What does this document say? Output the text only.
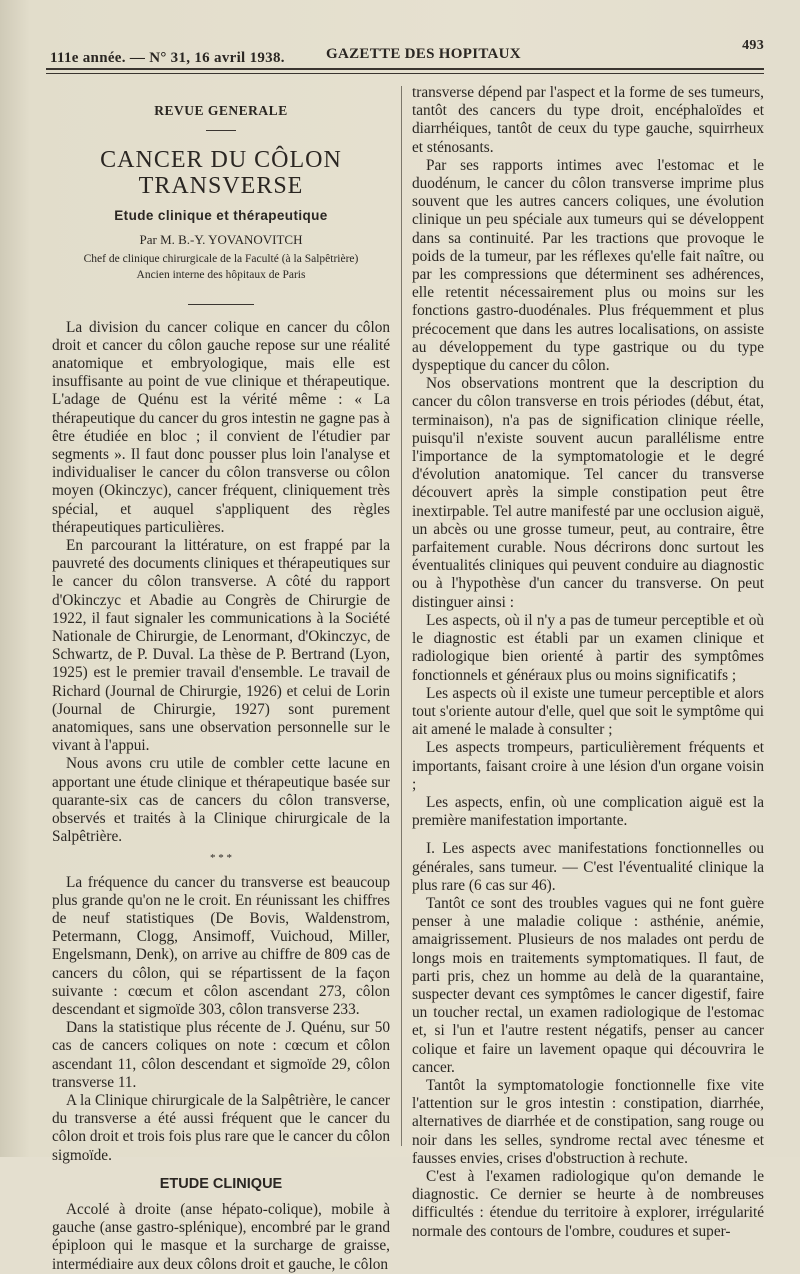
111e année. — N° 31, 16 avril 1938.	GAZETTE DES HOPITAUX
493
REVUE GENERALE
CANCER DU CÔLON TRANSVERSE
Etude clinique et thérapeutique
Par M. B.-Y. YOVANOVITCH
Chef de clinique chirurgicale de la Faculté (à la Salpêtrière)
Ancien interne des hôpitaux de Paris

La division du cancer colique en cancer du côlon droit et cancer du côlon gauche repose sur une réalité anatomique et embryologique, mais elle est insuffisante au point de vue clinique et thérapeutique. L'adage de Quénu est la vérité même : « La thérapeutique du cancer du gros intestin ne gagne pas à être étudiée en bloc ; il convient de l'étudier par segments ». Il faut donc pousser plus loin l'analyse et individualiser le cancer du côlon transverse ou côlon moyen (Okinczyc), cancer fréquent, cliniquement très spécial, et auquel s'appliquent des règles thérapeutiques particulières.

En parcourant la littérature, on est frappé par la pauvreté des documents cliniques et thérapeutiques sur le cancer du côlon transverse. A côté du rapport d'Okinczyc et Abadie au Congrès de Chirurgie de 1922, il faut signaler les communications à la Société Nationale de Chirurgie, de Lenormant, d'Okinczyc, de Schwartz, de P. Duval. La thèse de P. Bertrand (Lyon, 1925) est le premier travail d'ensemble. Le travail de Richard (Journal de Chirurgie, 1926) et celui de Lorin (Journal de Chirurgie, 1927) sont purement anatomiques, sans une observation personnelle sur le vivant à l'appui.

Nous avons cru utile de combler cette lacune en apportant une étude clinique et thérapeutique basée sur quarante-six cas de cancers du côlon transverse, observés et traités à la Clinique chirurgicale de la Salpêtrière.

* * *

La fréquence du cancer du transverse est beaucoup plus grande qu'on ne le croit. En réunissant les chiffres de neuf statistiques (De Bovis, Waldenstrom, Petermann, Clogg, Ansimoff, Vuichoud, Miller, Engelsmann, Denk), on arrive au chiffre de 809 cas de cancers du côlon, qui se répartissent de la façon suivante : cœcum et côlon ascendant 273, côlon descendant et sigmoïde 303, côlon transverse 233.

Dans la statistique plus récente de J. Quénu, sur 50 cas de cancers coliques on note : cœcum et côlon ascendant 11, côlon descendant et sigmoïde 29, côlon transverse 11.

A la Clinique chirurgicale de la Salpêtrière, le cancer du transverse a été aussi fréquent que le cancer du côlon droit et trois fois plus rare que le cancer du côlon sigmoïde.

ETUDE CLINIQUE

Accolé à droite (anse hépato-colique), mobile à gauche (anse gastro-splénique), encombré par le grand épiploon qui le masque et la surcharge de graisse, intermédiaire aux deux côlons droit et gauche, le côlon

transverse dépend par l'aspect et la forme de ses tumeurs, tantôt des cancers du type droit, encéphaloïdes et diarrhéiques, tantôt de ceux du type gauche, squirrheux et sténosants.

Par ses rapports intimes avec l'estomac et le duodénum, le cancer du côlon transverse imprime plus souvent que les autres cancers coliques, une évolution clinique un peu spéciale aux tumeurs qui se développent dans sa continuité. Par les tractions que provoque le poids de la tumeur, par les réflexes qu'elle fait naître, ou par les compressions que déterminent ses adhérences, elle retentit nécessairement plus ou moins sur les fonctions gastro-duodénales. Plus fréquemment et plus précocement que dans les autres localisations, on assiste au développement du type gastrique ou du type dyspeptique du cancer du côlon.

Nos observations montrent que la description du cancer du côlon transverse en trois périodes (début, état, terminaison), n'a pas de signification clinique réelle, puisqu'il n'existe souvent aucun parallélisme entre l'importance de la symptomatologie et le degré d'évolution anatomique. Tel cancer du transverse découvert après la simple constipation peut être inextirpable. Tel autre manifesté par une occlusion aiguë, un abcès ou une grosse tumeur, peut, au contraire, être parfaitement curable. Nous décrirons donc surtout les éventualités cliniques qui peuvent conduire au diagnostic ou à l'hypothèse d'un cancer du transverse. On peut distinguer ainsi :

Les aspects, où il n'y a pas de tumeur perceptible et où le diagnostic est établi par un examen clinique et radiologique bien orienté à partir des symptômes fonctionnels et généraux plus ou moins significatifs ;

Les aspects où il existe une tumeur perceptible et alors tout s'oriente autour d'elle, quel que soit le symptôme qui ait amené le malade à consulter ;

Les aspects trompeurs, particulièrement fréquents et importants, faisant croire à une lésion d'un organe voisin ;

Les aspects, enfin, où une complication aiguë est la première manifestation importante.

I. Les aspects avec manifestations fonctionnelles ou générales, sans tumeur. — C'est l'éventualité clinique la plus rare (6 cas sur 46).

Tantôt ce sont des troubles vagues qui ne font guère penser à une maladie colique : asthénie, anémie, amaigrissement. Plusieurs de nos malades ont perdu de longs mois en traitements symptomatiques. Il faut, de parti pris, chez un homme au delà de la quarantaine, suspecter devant ces symptômes le cancer digestif, faire un toucher rectal, un examen radiologique de l'estomac et, si l'un et l'autre restent négatifs, penser au cancer colique et faire un lavement opaque qui découvrira le cancer.

Tantôt la symptomatologie fonctionnelle fixe vite l'attention sur le gros intestin : constipation, diarrhée, alternatives de diarrhée et de constipation, sang rouge ou noir dans les selles, syndrome rectal avec ténesme et fausses envies, crises d'obstruction à rechute.

C'est à l'examen radiologique qu'on demande le diagnostic. Ce dernier se heurte à de nombreuses difficultés : étendue du territoire à explorer, irrégularité normale des contours de l'ombre, coudures et super-
